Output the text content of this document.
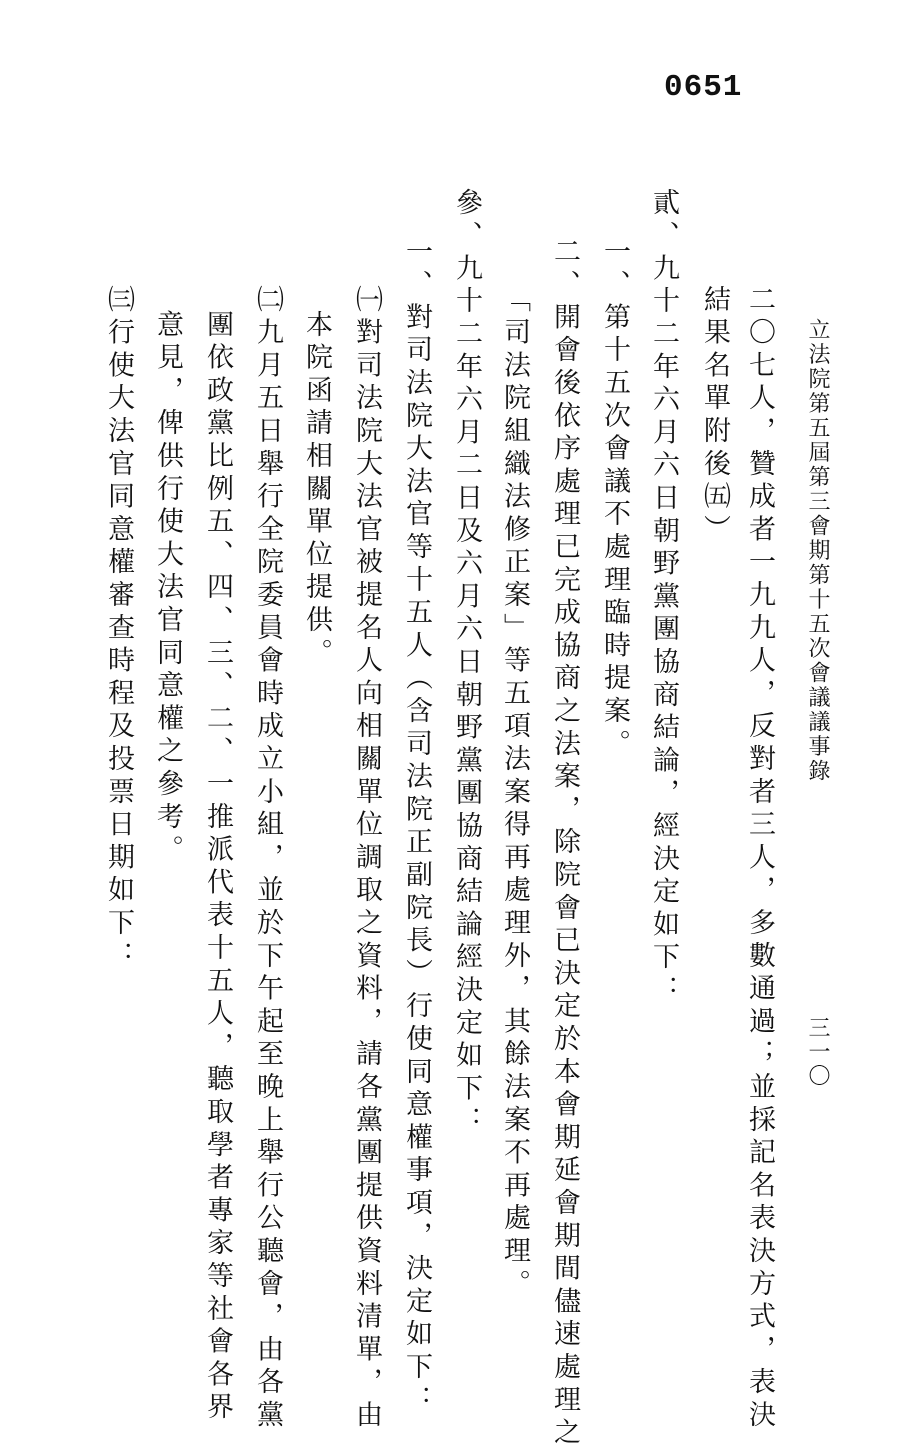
0651
立法院第五屆第三會期第十五次會議議事錄
三一〇
二〇七人，贊成者一九九人，反對者三人，多數通過；並採記名表決方式，表決
結果名單附後㈤）
貳、九十二年六月六日朝野黨團協商結論，經決定如下：
一、第十五次會議不處理臨時提案。
二、開會後依序處理已完成協商之法案，除院會已決定於本會期延會期間儘速處理之
「司法院組織法修正案」等五項法案得再處理外，其餘法案不再處理。
參、九十二年六月二日及六月六日朝野黨團協商結論經決定如下：
一、對司法院大法官等十五人（含司法院正副院長）行使同意權事項，決定如下：
㈠對司法院大法官被提名人向相關單位調取之資料，請各黨團提供資料清單，由
本院函請相關單位提供。
㈡九月五日舉行全院委員會時成立小組，並於下午起至晚上舉行公聽會，由各黨
團依政黨比例五、四、三、二、一推派代表十五人，聽取學者專家等社會各界
意見，俾供行使大法官同意權之參考。
㈢行使大法官同意權審查時程及投票日期如下：
